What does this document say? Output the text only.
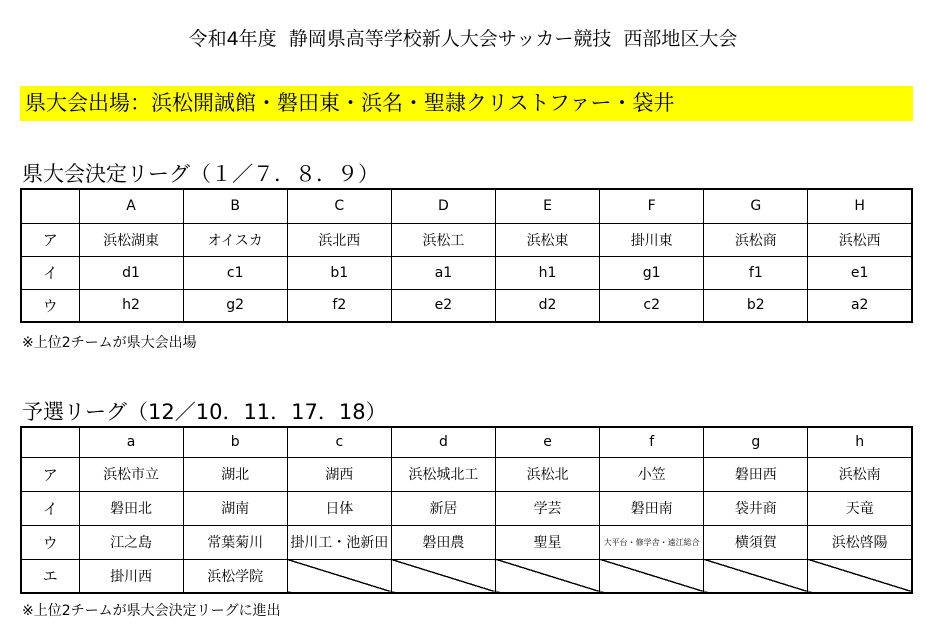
令和4年度  静岡県高等学校新人大会サッカー競技  西部地区大会
県大会出場：浜松開誠館・磐田東・浜名・聖隷クリストファー・袋井
県大会決定リーグ（１／７．８．９）
	A	B	C	D	E	F	G	H
ア	浜松湖東	オイスカ	浜北西	浜松工	浜松東	掛川東	浜松商	浜松西
イ	d1	c1	b1	a1	h1	g1	f1	e1
ウ	h2	g2	f2	e2	d2	c2	b2	a2
※上位2チームが県大会出場
予選リーグ（12／10．11．17．18）
	a	b	c	d	e	f	g	h
ア	浜松市立	湖北	湖西	浜松城北工	浜松北	小笠	磐田西	浜松南
イ	磐田北	湖南	日体	新居	学芸	磐田南	袋井商	天竜
ウ	江之島	常葉菊川	掛川工・池新田	磐田農	聖星	大平台・修学舎・遠江総合	横須賀	浜松啓陽
エ	掛川西	浜松学院						
※上位2チームが県大会決定リーグに進出
